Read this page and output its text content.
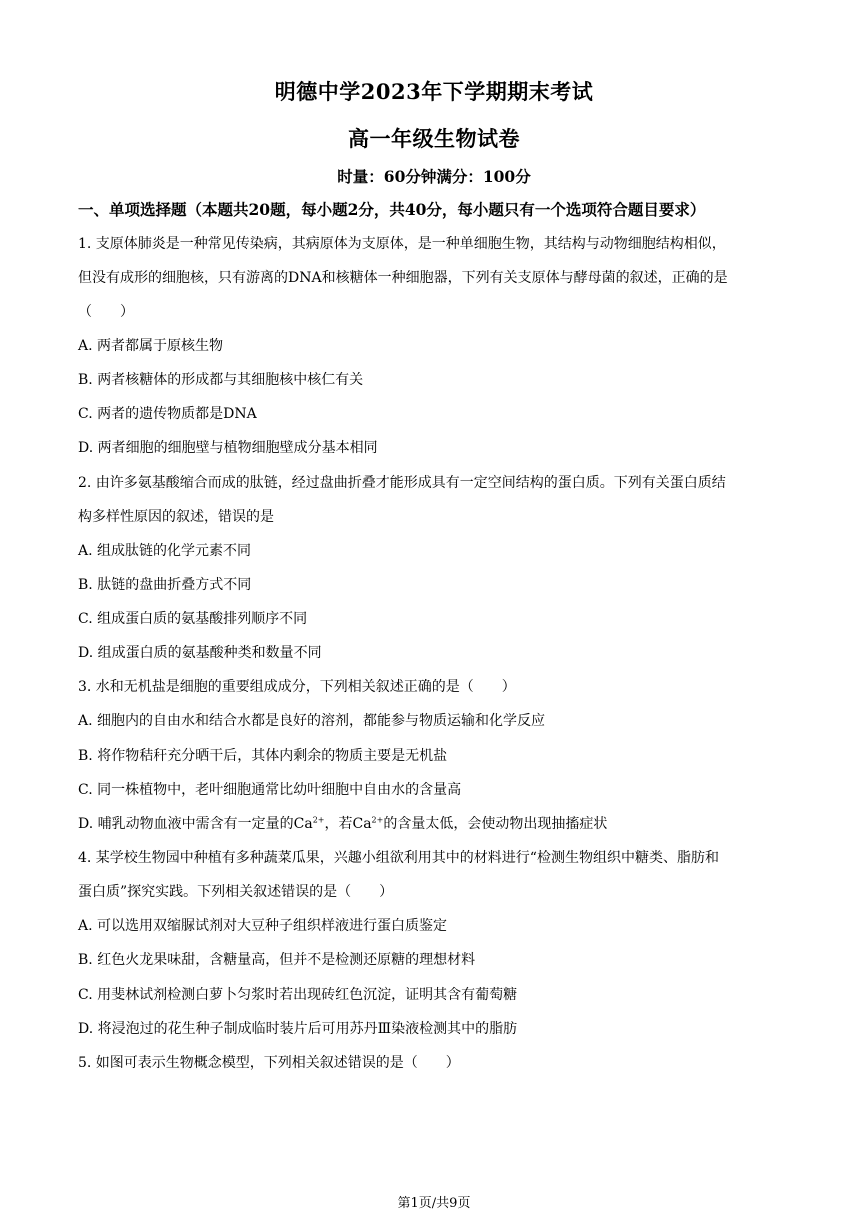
明德中学2023年下学期期末考试
高一年级生物试卷
时量：60分钟满分：100分
一、单项选择题（本题共20题，每小题2分，共40分，每小题只有一个选项符合题目要求）
1. 支原体肺炎是一种常见传染病，其病原体为支原体，是一种单细胞生物，其结构与动物细胞结构相似，
但没有成形的细胞核，只有游离的DNA和核糖体一种细胞器，下列有关支原体与酵母菌的叙述，正确的是
（　　）
A. 两者都属于原核生物
B. 两者核糖体的形成都与其细胞核中核仁有关
C. 两者的遗传物质都是DNA
D. 两者细胞的细胞壁与植物细胞壁成分基本相同
2. 由许多氨基酸缩合而成的肽链，经过盘曲折叠才能形成具有一定空间结构的蛋白质。下列有关蛋白质结
构多样性原因的叙述，错误的是
A. 组成肽链的化学元素不同
B. 肽链的盘曲折叠方式不同
C. 组成蛋白质的氨基酸排列顺序不同
D. 组成蛋白质的氨基酸种类和数量不同
3. 水和无机盐是细胞的重要组成成分，下列相关叙述正确的是（　　）
A. 细胞内的自由水和结合水都是良好的溶剂，都能参与物质运输和化学反应
B. 将作物秸秆充分晒干后，其体内剩余的物质主要是无机盐
C. 同一株植物中，老叶细胞通常比幼叶细胞中自由水的含量高
D. 哺乳动物血液中需含有一定量的$Ca^{2+}$，若$Ca^{2+}$的含量太低，会使动物出现抽搐症状
4. 某学校生物园中种植有多种蔬菜瓜果，兴趣小组欲利用其中的材料进行“检测生物组织中糖类、脂肪和
蛋白质”探究实践。下列相关叙述错误的是（　　）
A. 可以选用双缩脲试剂对大豆种子组织样液进行蛋白质鉴定
B. 红色火龙果味甜，含糖量高，但并不是检测还原糖的理想材料
C. 用斐林试剂检测白萝卜匀浆时若出现砖红色沉淀，证明其含有葡萄糖
D. 将浸泡过的花生种子制成临时装片后可用苏丹Ⅲ染液检测其中的脂肪
5. 如图可表示生物概念模型，下列相关叙述错误的是（　　）
第1页/共9页
